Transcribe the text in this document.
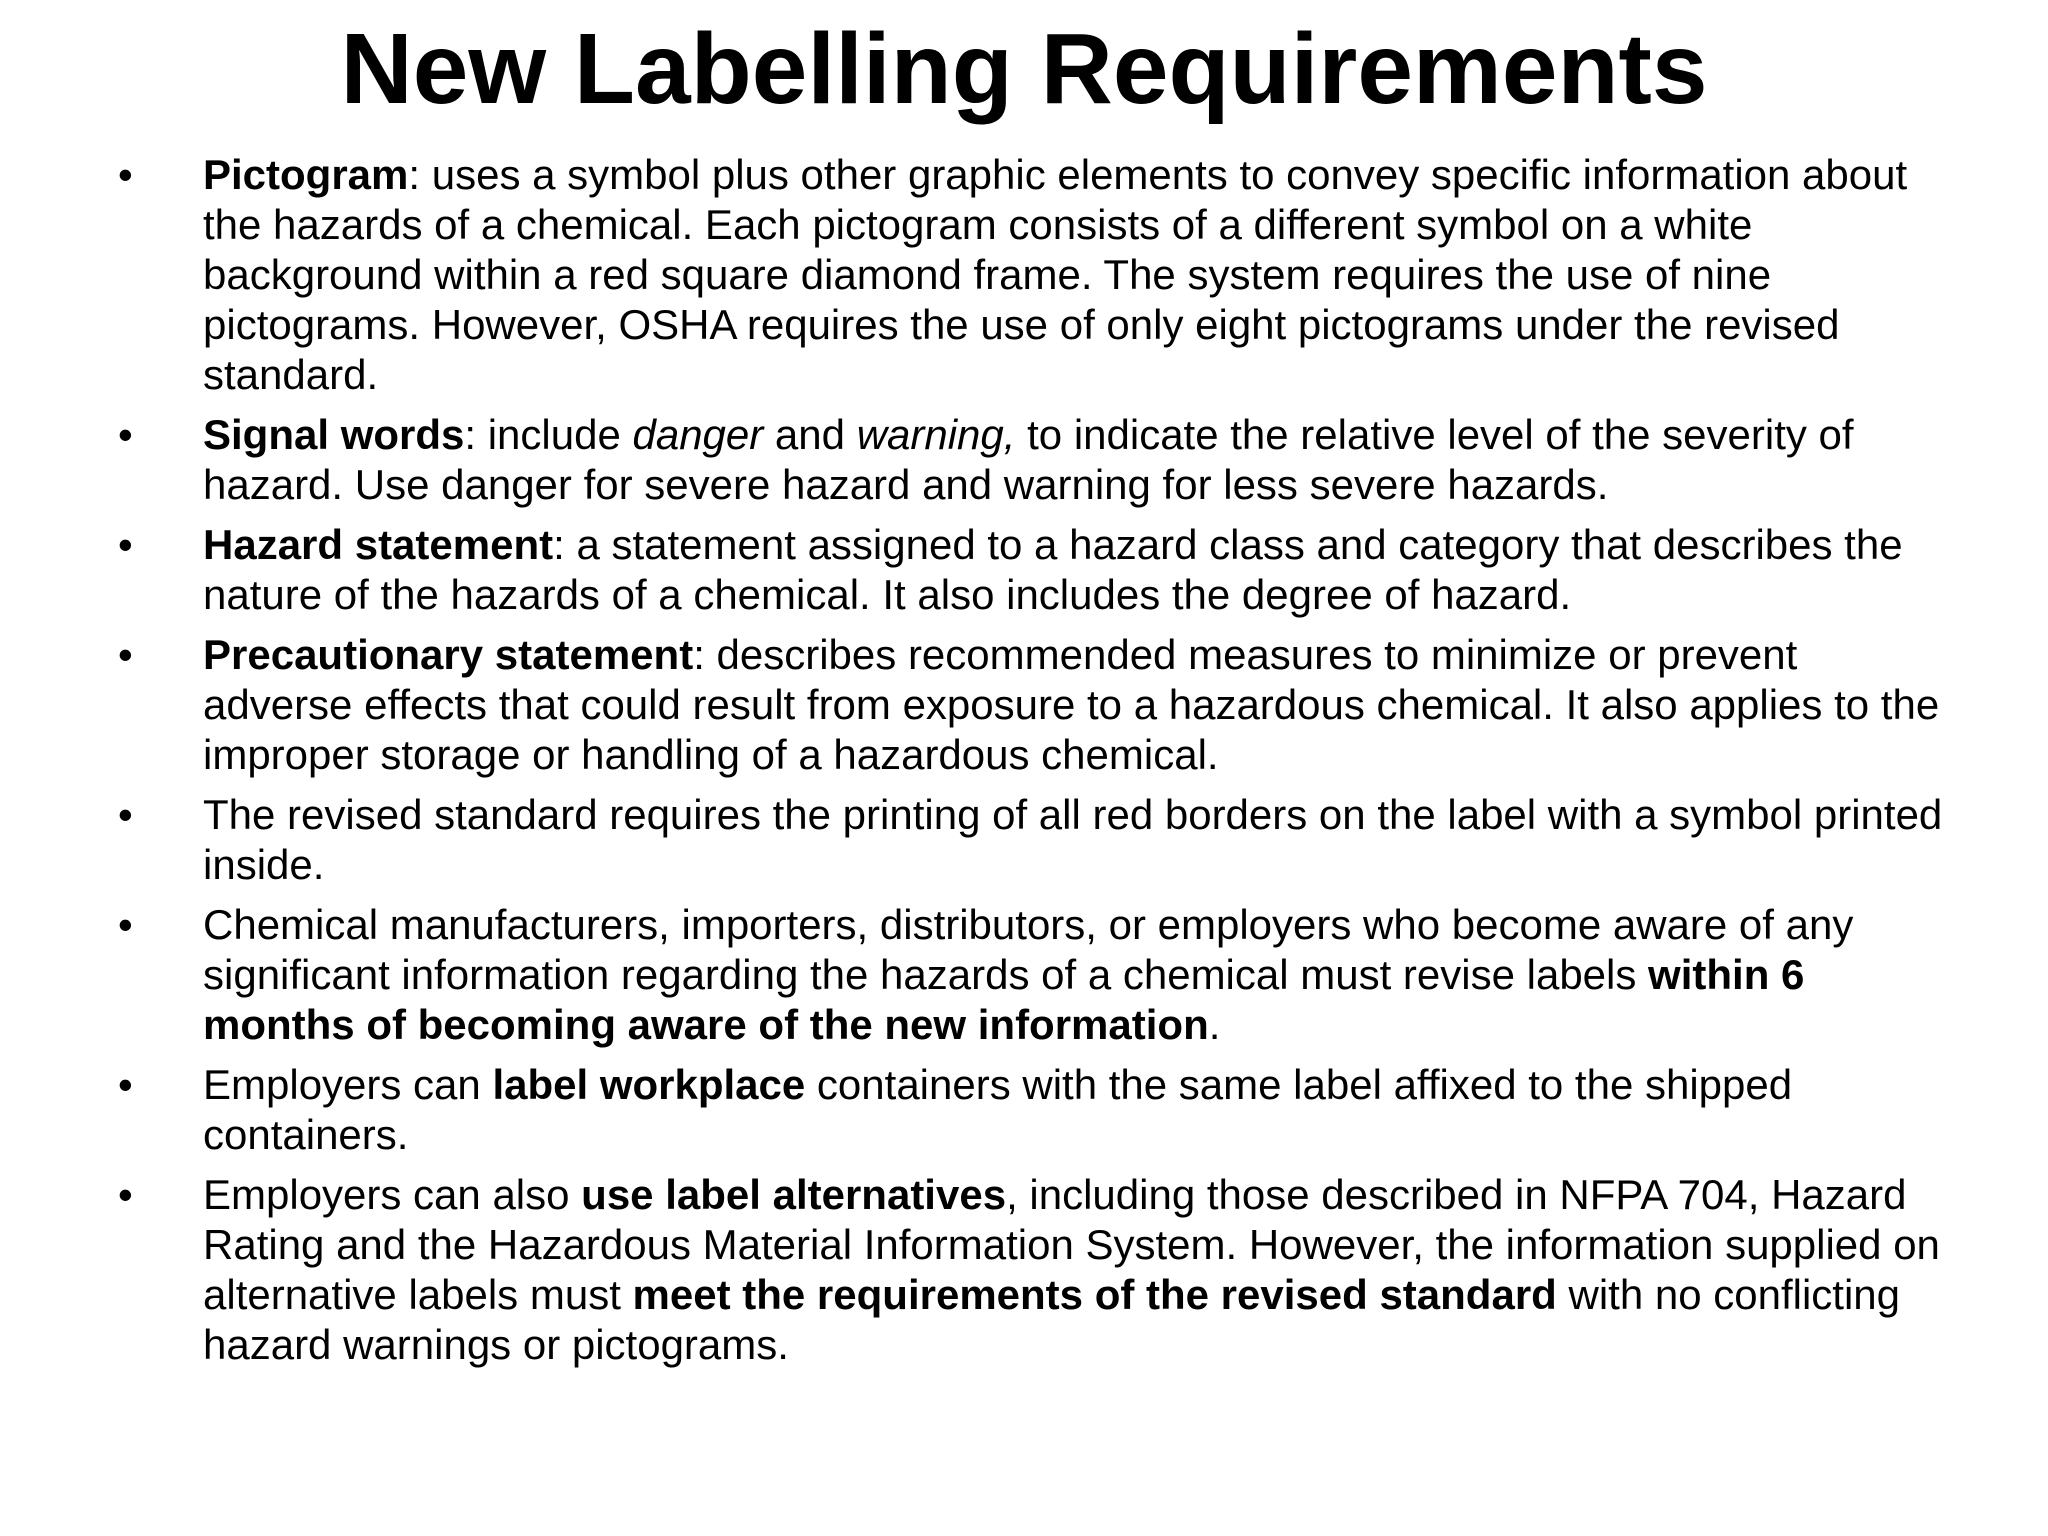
New Labelling Requirements
•	Pictogram: uses a symbol plus other graphic elements to convey specific information about the hazards of a chemical. Each pictogram consists of a different symbol on a white background within a red square diamond frame. The system requires the use of nine pictograms. However, OSHA requires the use of only eight pictograms under the revised standard.
•	Signal words: include danger and warning, to indicate the relative level of the severity of hazard. Use danger for severe hazard and warning for less severe hazards.
•	Hazard statement: a statement assigned to a hazard class and category that describes the nature of the hazards of a chemical. It also includes the degree of hazard.
•	Precautionary statement: describes recommended measures to minimize or prevent adverse effects that could result from exposure to a hazardous chemical. It also applies to the improper storage or handling of a hazardous chemical.
•	The revised standard requires the printing of all red borders on the label with a symbol printed inside.
•	Chemical manufacturers, importers, distributors, or employers who become aware of any significant information regarding the hazards of a chemical must revise labels within 6 months of becoming aware of the new information.
•	Employers can label workplace containers with the same label affixed to the shipped containers.
•	Employers can also use label alternatives, including those described in NFPA 704, Hazard Rating and the Hazardous Material Information System. However, the information supplied on alternative labels must meet the requirements of the revised standard with no conflicting hazard warnings or pictograms.
